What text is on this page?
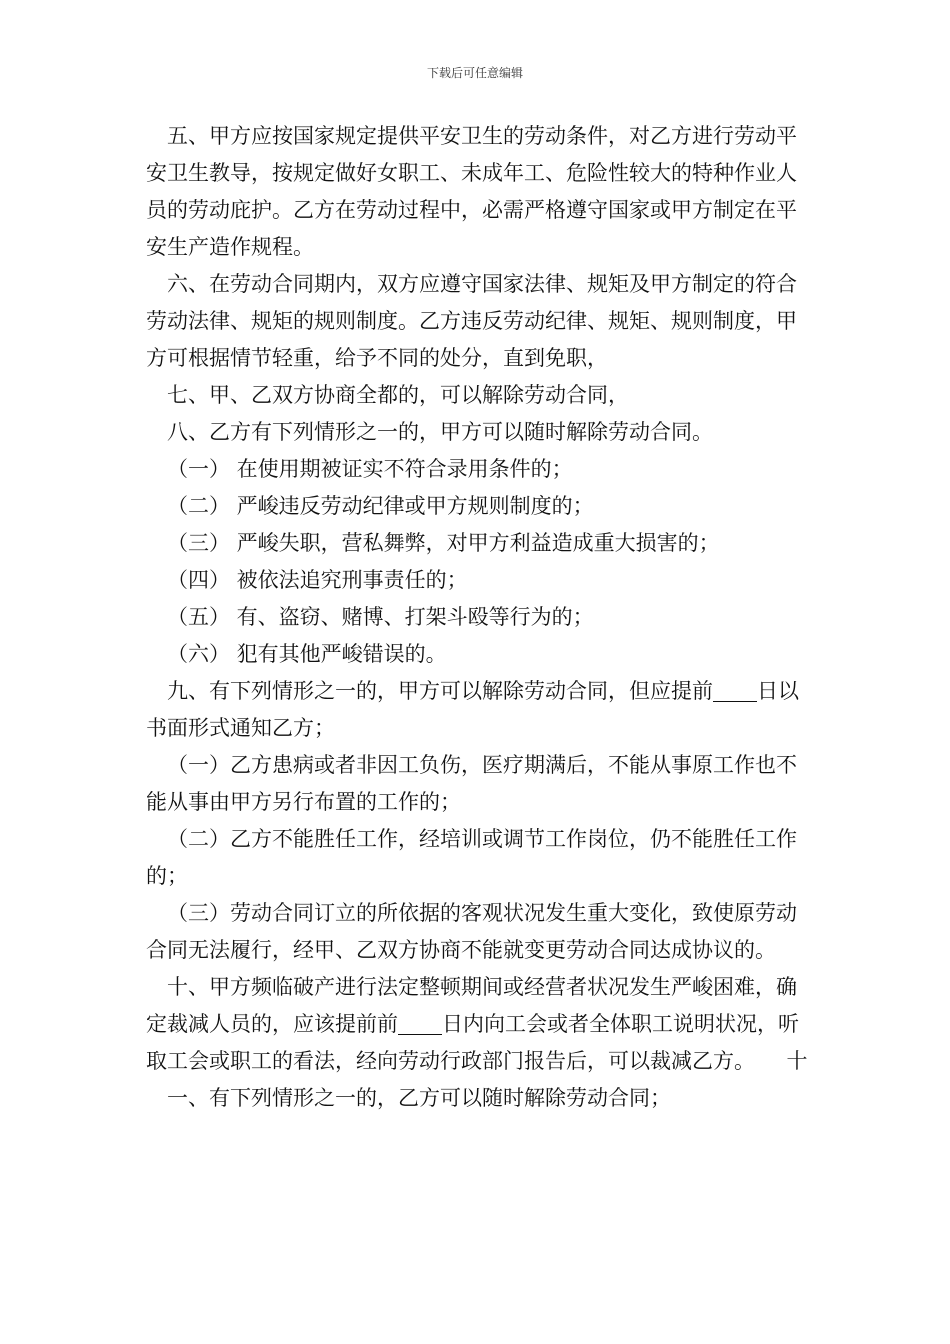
下载后可任意编辑

五、甲方应按国家规定提供平安卫生的劳动条件，对乙方进行劳动平安卫生教导，按规定做好女职工、未成年工、危险性较大的特种作业人员的劳动庇护。乙方在劳动过程中，必需严格遵守国家或甲方制定在平安生产造作规程。

六、在劳动合同期内，双方应遵守国家法律、规矩及甲方制定的符合劳动法律、规矩的规则制度。乙方违反劳动纪律、规矩、规则制度，甲方可根据情节轻重，给予不同的处分，直到免职，

七、甲、乙双方协商全都的，可以解除劳动合同，

八、乙方有下列情形之一的，甲方可以随时解除劳动合同。

（一） 在使用期被证实不符合录用条件的；

（二） 严峻违反劳动纪律或甲方规则制度的；

（三） 严峻失职，营私舞弊，对甲方利益造成重大损害的；

（四） 被依法追究刑事责任的；

（五） 有、盗窃、赌博、打架斗殴等行为的；

（六） 犯有其他严峻错误的。

九、有下列情形之一的，甲方可以解除劳动合同，但应提前 日以书面形式通知乙方；

（一）乙方患病或者非因工负伤，医疗期满后，不能从事原工作也不能从事由甲方另行布置的工作的；

（二）乙方不能胜任工作，经培训或调节工作岗位，仍不能胜任工作的；

（三）劳动合同订立的所依据的客观状况发生重大变化，致使原劳动合同无法履行，经甲、乙双方协商不能就变更劳动合同达成协议的。

十、甲方频临破产进行法定整顿期间或经营者状况发生严峻困难，确定裁减人员的，应该提前前 日内向工会或者全体职工说明状况，听取工会或职工的看法，经向劳动行政部门报告后，可以裁减乙方。　　十

一、有下列情形之一的，乙方可以随时解除劳动合同；
